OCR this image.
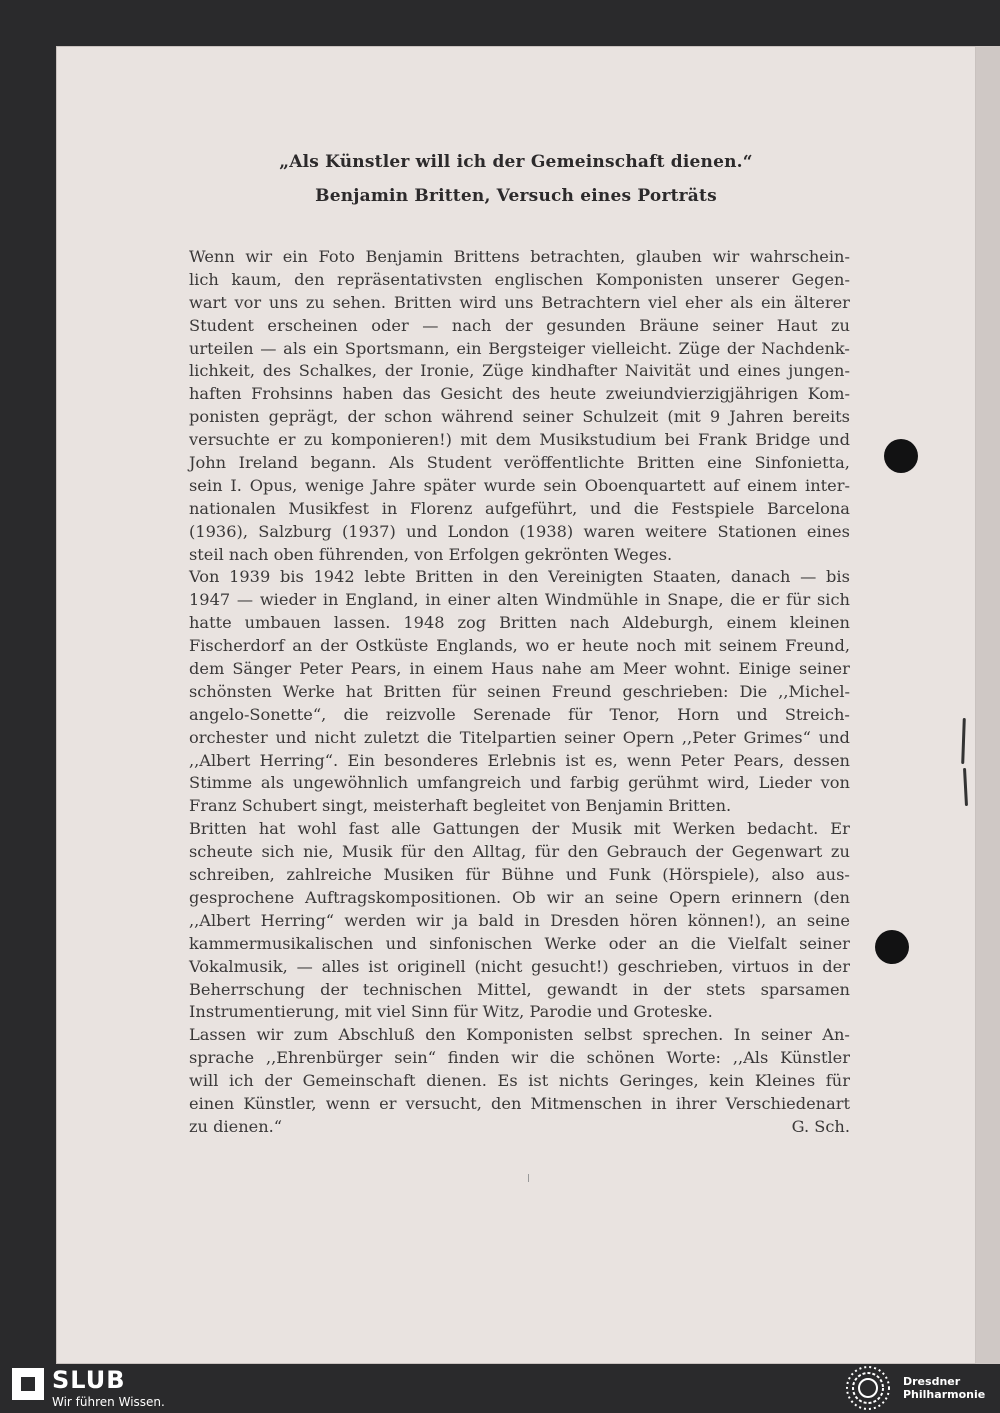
„Als Künstler will ich der Gemeinschaft dienen.“
Benjamin Britten, Versuch eines Porträts
Wenn wir ein Foto Benjamin Brittens betrachten, glauben wir wahrschein-
lich kaum, den repräsentativsten englischen Komponisten unserer Gegen-
wart vor uns zu sehen. Britten wird uns Betrachtern viel eher als ein älterer
Student erscheinen oder — nach der gesunden Bräune seiner Haut zu
urteilen — als ein Sportsmann, ein Bergsteiger vielleicht. Züge der Nachdenk-
lichkeit, des Schalkes, der Ironie, Züge kindhafter Naivität und eines jungen-
haften Frohsinns haben das Gesicht des heute zweiundvierzigjährigen Kom-
ponisten geprägt, der schon während seiner Schulzeit (mit 9 Jahren bereits
versuchte er zu komponieren!) mit dem Musikstudium bei Frank Bridge und
John Ireland begann. Als Student veröffentlichte Britten eine Sinfonietta,
sein I. Opus, wenige Jahre später wurde sein Oboenquartett auf einem inter-
nationalen Musikfest in Florenz aufgeführt, und die Festspiele Barcelona
(1936), Salzburg (1937) und London (1938) waren weitere Stationen eines
steil nach oben führenden, von Erfolgen gekrönten Weges.
Von 1939 bis 1942 lebte Britten in den Vereinigten Staaten, danach — bis
1947 — wieder in England, in einer alten Windmühle in Snape, die er für sich
hatte umbauen lassen. 1948 zog Britten nach Aldeburgh, einem kleinen
Fischerdorf an der Ostküste Englands, wo er heute noch mit seinem Freund,
dem Sänger Peter Pears, in einem Haus nahe am Meer wohnt. Einige seiner
schönsten Werke hat Britten für seinen Freund geschrieben: Die ,,Michel-
angelo-Sonette“, die reizvolle Serenade für Tenor, Horn und Streich-
orchester und nicht zuletzt die Titelpartien seiner Opern ,,Peter Grimes“ und
,,Albert Herring“. Ein besonderes Erlebnis ist es, wenn Peter Pears, dessen
Stimme als ungewöhnlich umfangreich und farbig gerühmt wird, Lieder von
Franz Schubert singt, meisterhaft begleitet von Benjamin Britten.
Britten hat wohl fast alle Gattungen der Musik mit Werken bedacht. Er
scheute sich nie, Musik für den Alltag, für den Gebrauch der Gegenwart zu
schreiben, zahlreiche Musiken für Bühne und Funk (Hörspiele), also aus-
gesprochene Auftragskompositionen. Ob wir an seine Opern erinnern (den
,,Albert Herring“ werden wir ja bald in Dresden hören können!), an seine
kammermusikalischen und sinfonischen Werke oder an die Vielfalt seiner
Vokalmusik, — alles ist originell (nicht gesucht!) geschrieben, virtuos in der
Beherrschung der technischen Mittel, gewandt in der stets sparsamen
Instrumentierung, mit viel Sinn für Witz, Parodie und Groteske.
Lassen wir zum Abschluß den Komponisten selbst sprechen. In seiner An-
sprache ,,Ehrenbürger sein“ finden wir die schönen Worte: ,,Als Künstler
will ich der Gemeinschaft dienen. Es ist nichts Geringes, kein Kleines für
einen Künstler, wenn er versucht, den Mitmenschen in ihrer Verschiedenart
zu dienen.“	G. Sch.
SLUB
Wir führen Wissen.
Dresdner
Philharmonie
